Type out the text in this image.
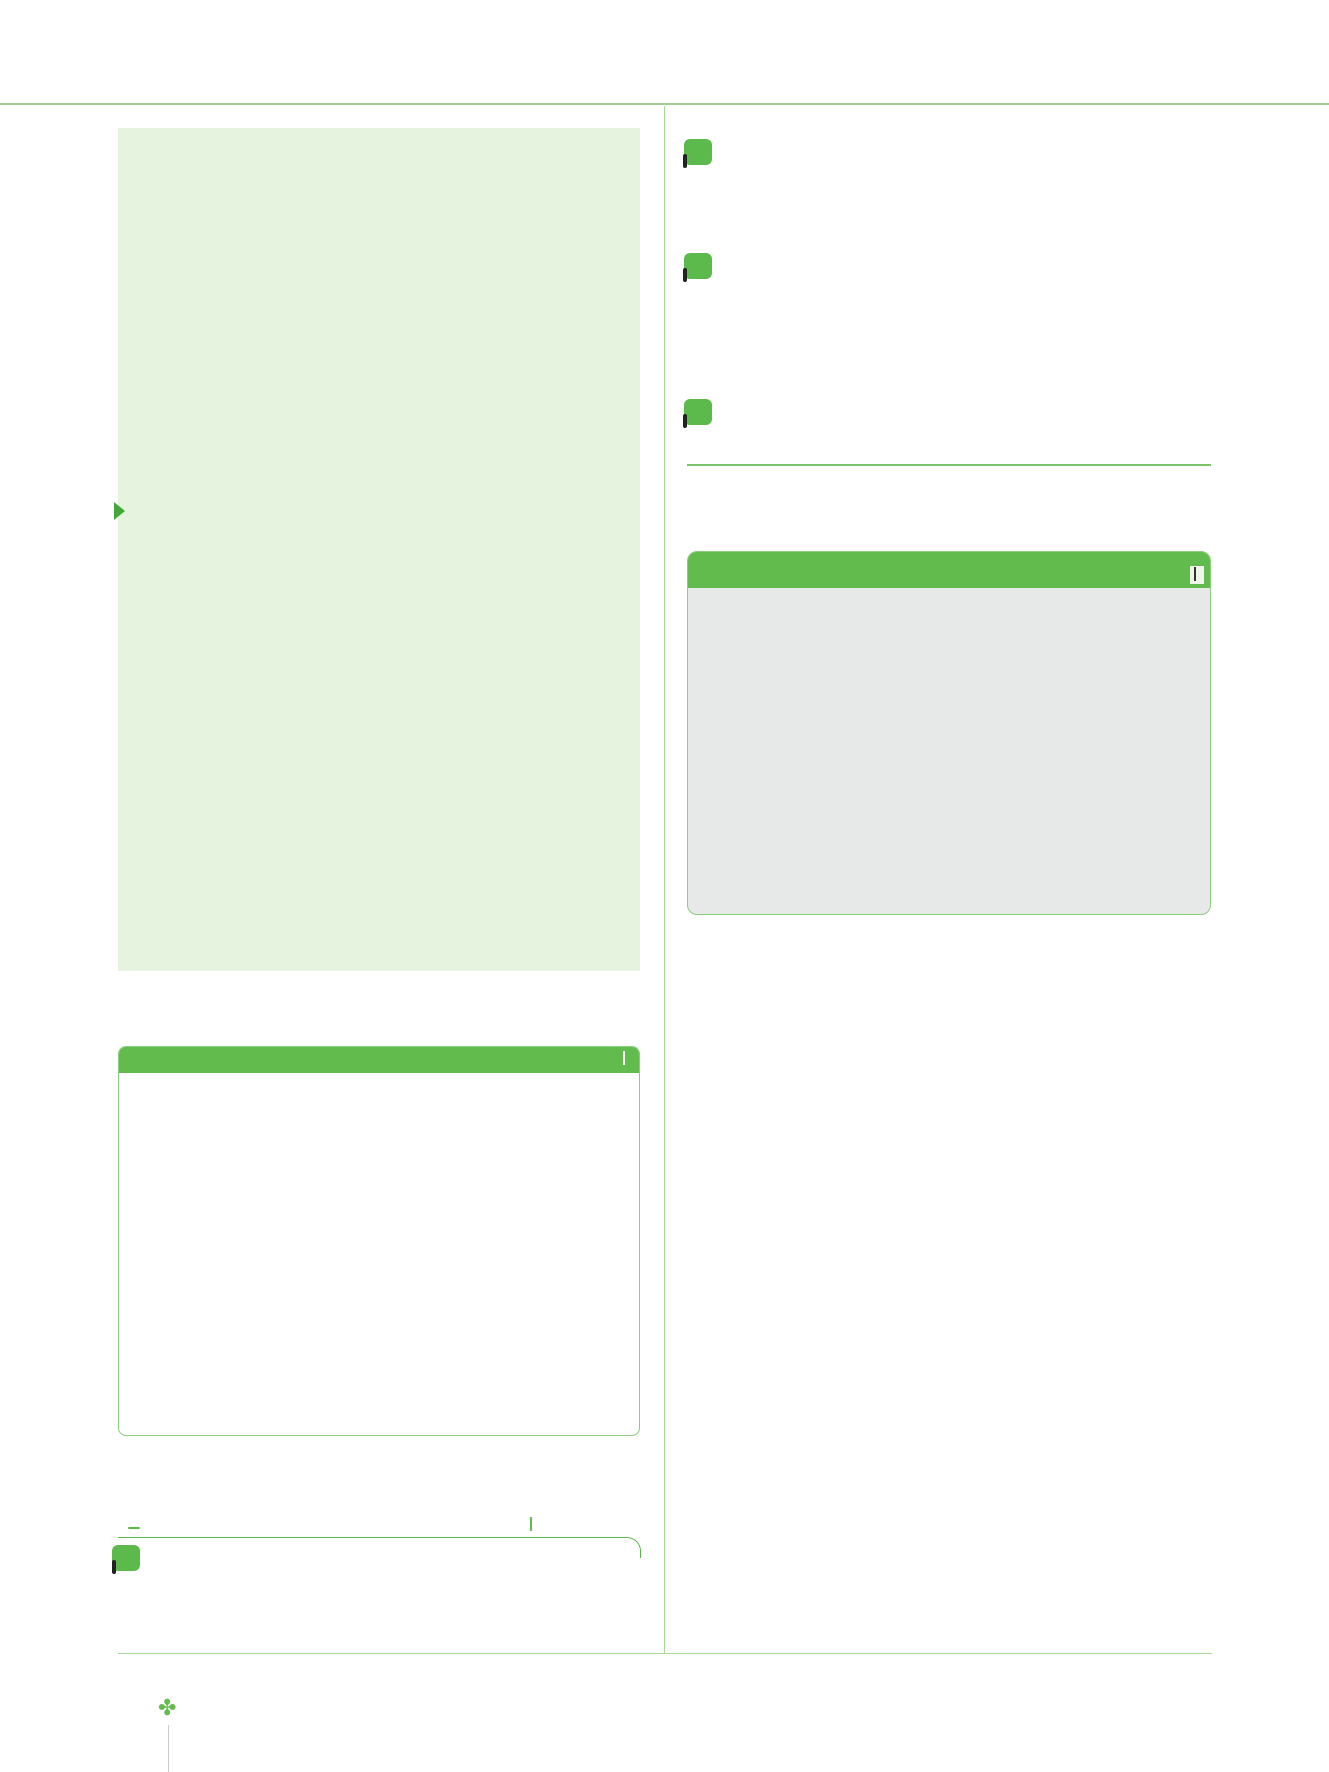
✤
